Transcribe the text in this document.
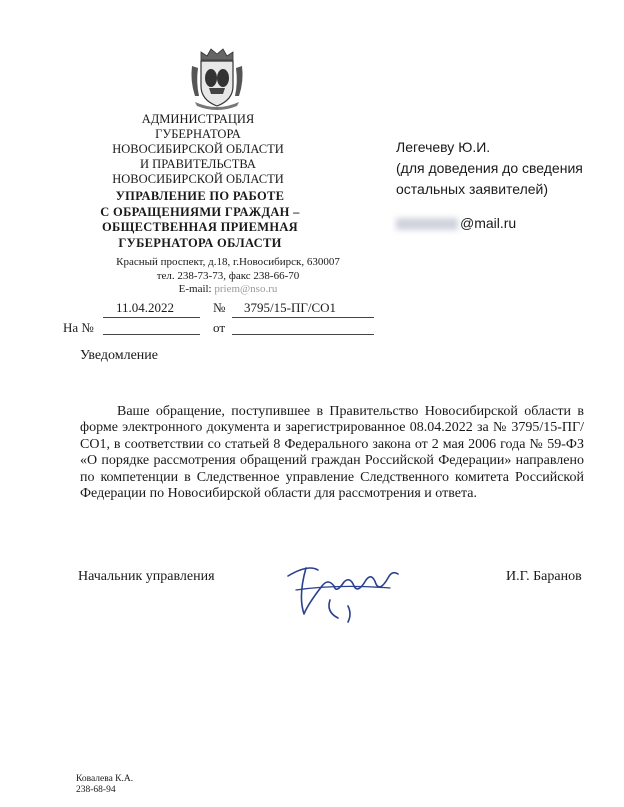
АДМИНИСТРАЦИЯ
ГУБЕРНАТОРА
НОВОСИБИРСКОЙ ОБЛАСТИ
И ПРАВИТЕЛЬСТВА
НОВОСИБИРСКОЙ ОБЛАСТИ
УПРАВЛЕНИЕ ПО РАБОТЕ
С ОБРАЩЕНИЯМИ ГРАЖДАН –
ОБЩЕСТВЕННАЯ ПРИЕМНАЯ
ГУБЕРНАТОРА ОБЛАСТИ
Красный проспект, д.18, г.Новосибирск, 630007
тел. 238-73-73, факс 238-66-70
E-mail: priem@nso.ru
Легечеву Ю.И.
(для доведения до сведения
остальных заявителей)
@mail.ru
11.04.2022	№ 3795/15-ПГ/СО1
На №	от
Уведомление
Ваше обращение, поступившее в Правительство Новосибирской области в форме электронного документа и зарегистрированное 08.04.2022 за № 3795/15-ПГ/СО1, в соответствии со статьей 8 Федерального закона от 2 мая 2006 года № 59-ФЗ «О порядке рассмотрения обращений граждан Российской Федерации» направлено по компетенции в Следственное управление Следственного комитета Российской Федерации по Новосибирской области для рассмотрения и ответа.
Начальник управления	И.Г. Баранов
Ковалева К.А.
238-68-94
